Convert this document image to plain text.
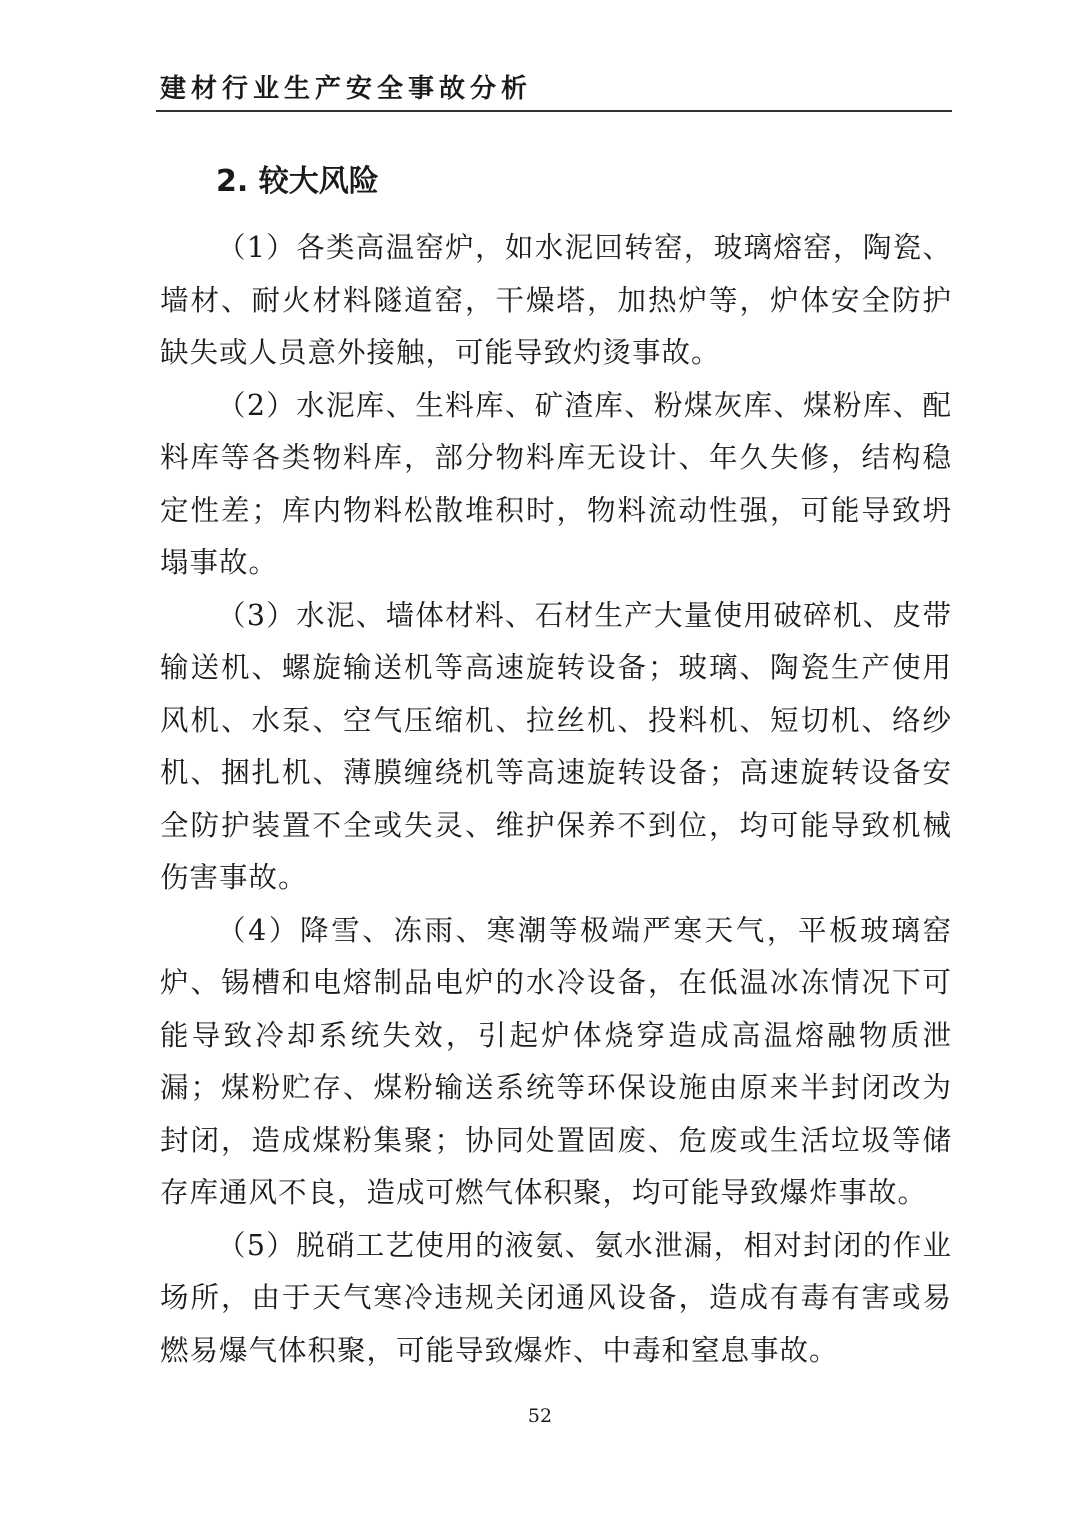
建材行业生产安全事故分析
2. 较大风险

（1）各类高温窑炉，如水泥回转窑，玻璃熔窑，陶瓷、墙材、耐火材料隧道窑，干燥塔，加热炉等，炉体安全防护缺失或人员意外接触，可能导致灼烫事故。

（2）水泥库、生料库、矿渣库、粉煤灰库、煤粉库、配料库等各类物料库，部分物料库无设计、年久失修，结构稳定性差；库内物料松散堆积时，物料流动性强，可能导致坍塌事故。

（3）水泥、墙体材料、石材生产大量使用破碎机、皮带输送机、螺旋输送机等高速旋转设备；玻璃、陶瓷生产使用风机、水泵、空气压缩机、拉丝机、投料机、短切机、络纱机、捆扎机、薄膜缠绕机等高速旋转设备；高速旋转设备安全防护装置不全或失灵、维护保养不到位，均可能导致机械伤害事故。

（4）降雪、冻雨、寒潮等极端严寒天气，平板玻璃窑炉、锡槽和电熔制品电炉的水冷设备，在低温冰冻情况下可能导致冷却系统失效，引起炉体烧穿造成高温熔融物质泄漏；煤粉贮存、煤粉输送系统等环保设施由原来半封闭改为封闭，造成煤粉集聚；协同处置固废、危废或生活垃圾等储存库通风不良，造成可燃气体积聚，均可能导致爆炸事故。

（5）脱硝工艺使用的液氨、氨水泄漏，相对封闭的作业场所，由于天气寒冷违规关闭通风设备，造成有毒有害或易燃易爆气体积聚，可能导致爆炸、中毒和窒息事故。

52
